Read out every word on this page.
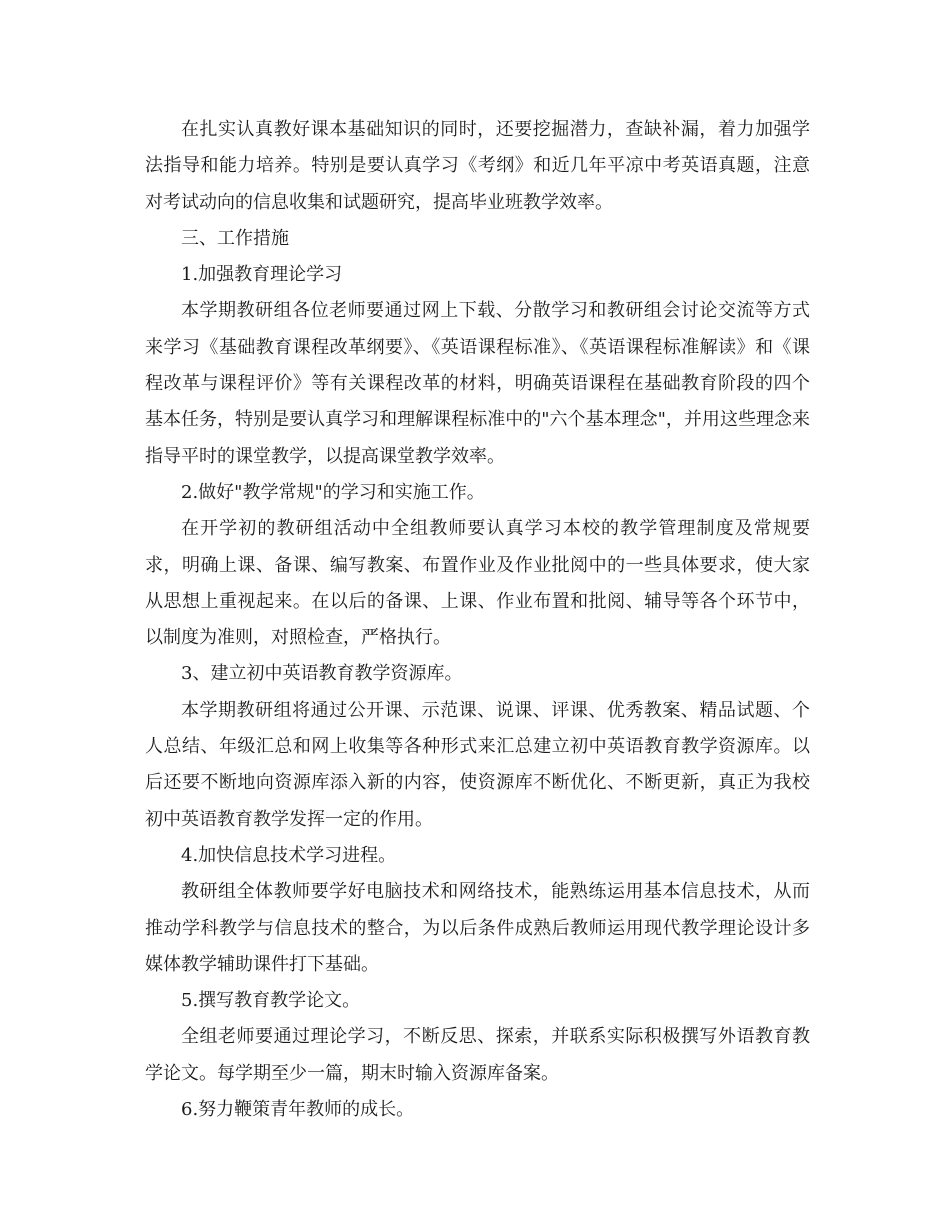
在扎实认真教好课本基础知识的同时，还要挖掘潜力，查缺补漏，着力加强学法指导和能力培养。特别是要认真学习《考纲》和近几年平凉中考英语真题，注意对考试动向的信息收集和试题研究，提高毕业班教学效率。

三、工作措施

1.加强教育理论学习

本学期教研组各位老师要通过网上下载、分散学习和教研组会讨论交流等方式来学习《基础教育课程改革纲要》、《英语课程标准》、《英语课程标准解读》和《课程改革与课程评价》等有关课程改革的材料，明确英语课程在基础教育阶段的四个基本任务，特别是要认真学习和理解课程标准中的"六个基本理念"，并用这些理念来指导平时的课堂教学，以提高课堂教学效率。

2.做好"教学常规"的学习和实施工作。

在开学初的教研组活动中全组教师要认真学习本校的教学管理制度及常规要求，明确上课、备课、编写教案、布置作业及作业批阅中的一些具体要求，使大家从思想上重视起来。在以后的备课、上课、作业布置和批阅、辅导等各个环节中，以制度为准则，对照检查，严格执行。

3、建立初中英语教育教学资源库。

本学期教研组将通过公开课、示范课、说课、评课、优秀教案、精品试题、个人总结、年级汇总和网上收集等各种形式来汇总建立初中英语教育教学资源库。以后还要不断地向资源库添入新的内容，使资源库不断优化、不断更新，真正为我校初中英语教育教学发挥一定的作用。

4.加快信息技术学习进程。

教研组全体教师要学好电脑技术和网络技术，能熟练运用基本信息技术，从而推动学科教学与信息技术的整合，为以后条件成熟后教师运用现代教学理论设计多媒体教学辅助课件打下基础。

5.撰写教育教学论文。

全组老师要通过理论学习，不断反思、探索，并联系实际积极撰写外语教育教学论文。每学期至少一篇，期末时输入资源库备案。

6.努力鞭策青年教师的成长。
